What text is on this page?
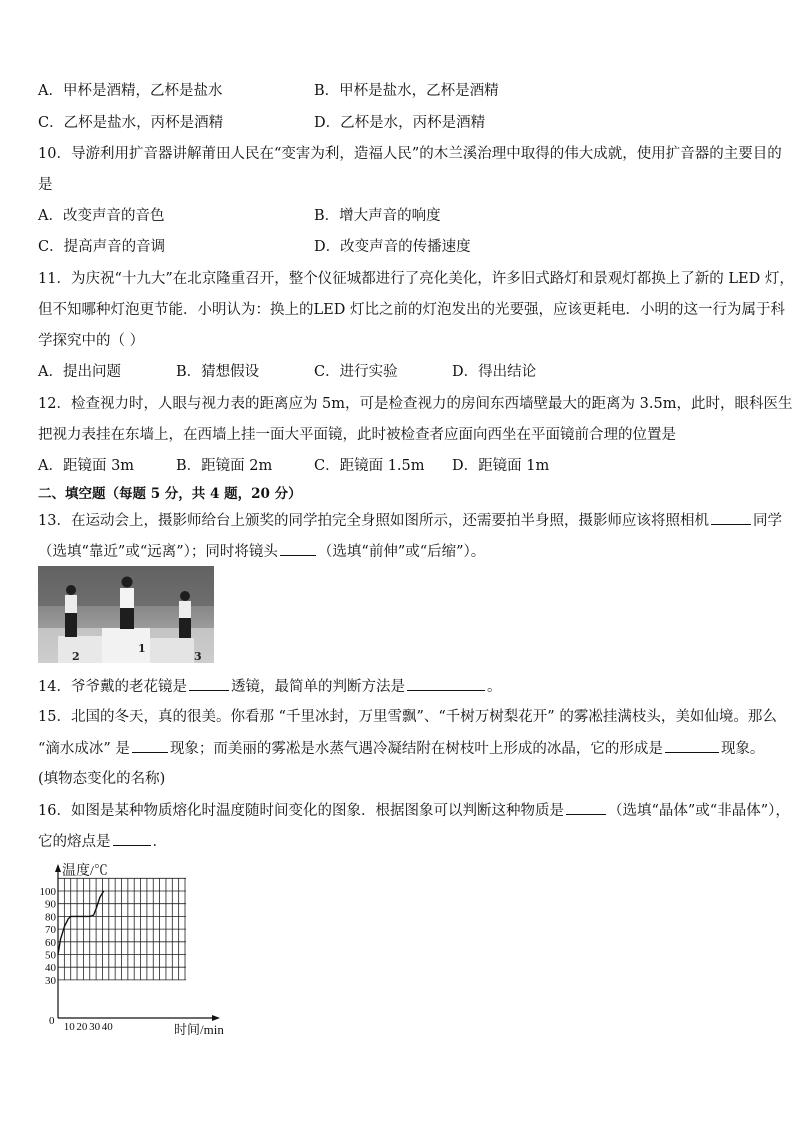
A．甲杯是酒精，乙杯是盐水	B．甲杯是盐水，乙杯是酒精
C．乙杯是盐水，丙杯是酒精	D．乙杯是水，丙杯是酒精
10．导游利用扩音器讲解莆田人民在“变害为利，造福人民”的木兰溪治理中取得的伟大成就，使用扩音器的主要目的
是
A．改变声音的音色	B．增大声音的响度
C．提高声音的音调	D．改变声音的传播速度
11．为庆祝“十九大”在北京隆重召开，整个仪征城都进行了亮化美化，许多旧式路灯和景观灯都换上了新的 LED 灯，
但不知哪种灯泡更节能．小明认为：换上的LED 灯比之前的灯泡发出的光要强，应该更耗电．小明的这一行为属于科
学探究中的（ ）
A．提出问题	B．猜想假设	C．进行实验	D．得出结论
12．检查视力时，人眼与视力表的距离应为 5m，可是检查视力的房间东西墙壁最大的距离为 3.5m，此时，眼科医生
把视力表挂在东墙上，在西墙上挂一面大平面镜，此时被检查者应面向西坐在平面镜前合理的位置是
A．距镜面 3m	B．距镜面 2m	C．距镜面 1.5m D．距镜面 1m
二、填空题（每题 5 分，共 4 题，20 分）
13．在运动会上，摄影师给台上颁奖的同学拍完全身照如图所示，还需要拍半身照，摄影师应该将照相机	同学
（选填“靠近”或“远离”）；同时将镜头	（选填“前伸”或“后缩”）。
2
1
3
14．爷爷戴的老花镜是	透镜，最简单的判断方法是	。
15．北国的冬天，真的很美。你看那 “千里冰封，万里雪飘”、“千树万树梨花开” 的雾凇挂满枝头，美如仙境。那么
“滴水成冰” 是	现象；而美丽的雾凇是水蒸气遇冷凝结附在树枝叶上形成的冰晶，它的形成是	现象。
(填物态变化的名称)
16．如图是某种物质熔化时温度随时间变化的图象．根据图象可以判断这种物质是	（选填“晶体”或“非晶体”），
它的熔点是	．
10 20 30 40
30
40
50
60
70
80
90
100
温度/℃
时间/min
0
